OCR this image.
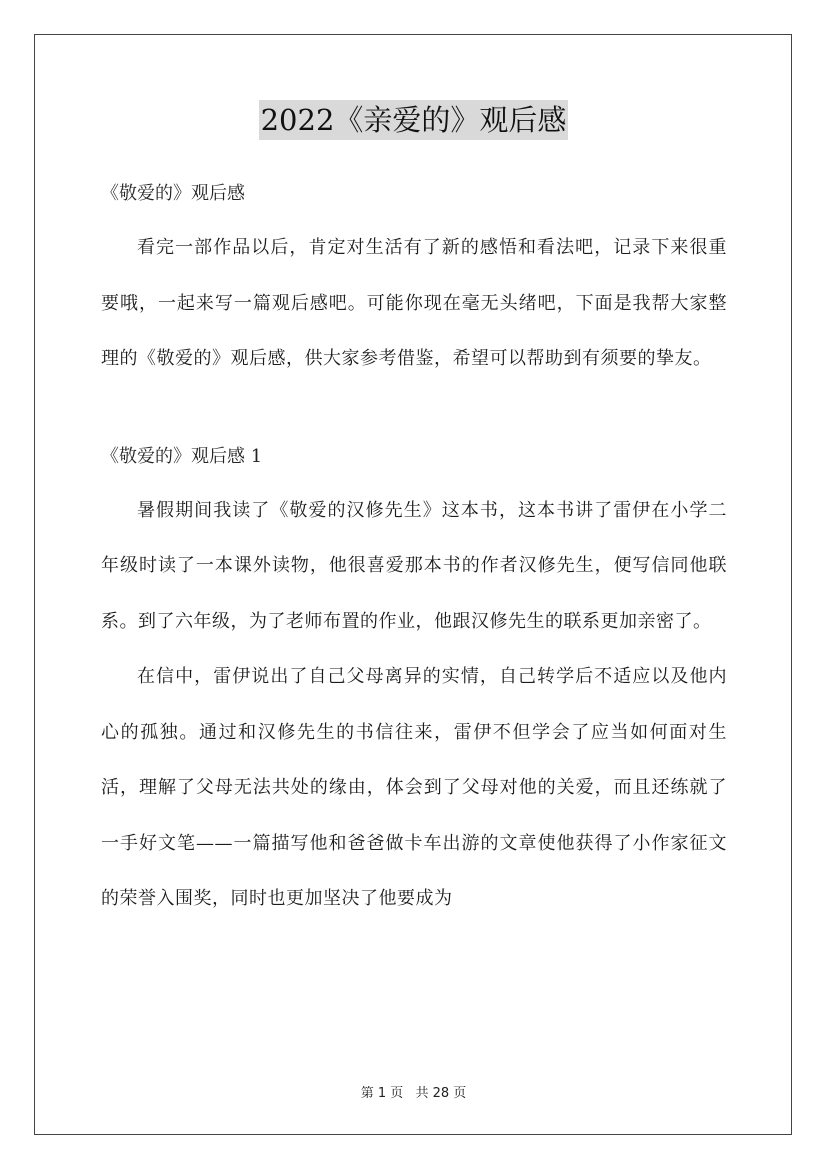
2022《亲爱的》观后感

《敬爱的》观后感

看完一部作品以后，肯定对生活有了新的感悟和看法吧，记录下来很重要哦，一起来写一篇观后感吧。可能你现在毫无头绪吧，下面是我帮大家整理的《敬爱的》观后感，供大家参考借鉴，希望可以帮助到有须要的挚友。

《敬爱的》观后感 1

暑假期间我读了《敬爱的汉修先生》这本书，这本书讲了雷伊在小学二年级时读了一本课外读物，他很喜爱那本书的作者汉修先生，便写信同他联系。到了六年级，为了老师布置的作业，他跟汉修先生的联系更加亲密了。

在信中，雷伊说出了自己父母离异的实情，自己转学后不适应以及他内心的孤独。通过和汉修先生的书信往来，雷伊不但学会了应当如何面对生活，理解了父母无法共处的缘由，体会到了父母对他的关爱，而且还练就了一手好文笔——一篇描写他和爸爸做卡车出游的文章使他获得了小作家征文的荣誉入围奖，同时也更加坚决了他要成为

第 1 页 共 28 页
